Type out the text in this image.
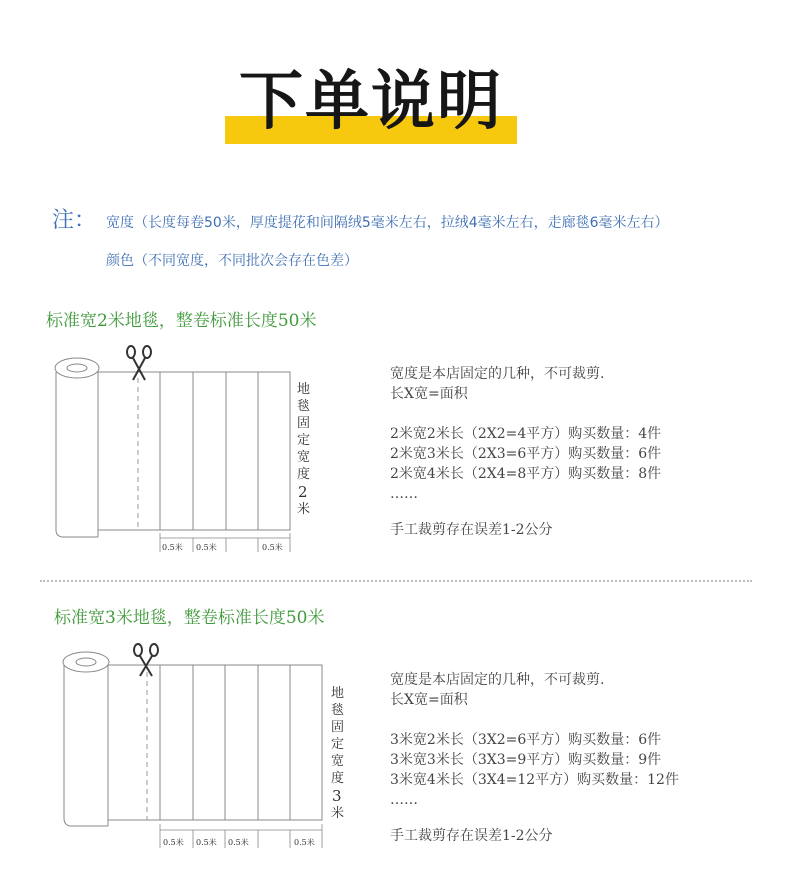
下单说明
注： 宽度（长度每卷50米，厚度提花和间隔绒5毫米左右，拉绒4毫米左右，走廊毯6毫米左右）
颜色（不同宽度，不同批次会存在色差）
标准宽2米地毯，整卷标准长度50米
0.5米 0.5米	0.5米
地
毯
固
定
宽
度
2
米
0.5米 0.5米 0.5米	0.5米
地
毯
固
定
宽
度
3
米
宽度是本店固定的几种，不可裁剪.
长X宽=面积
2米宽2米长（2X2=4平方）购买数量：4件
2米宽3米长（2X3=6平方）购买数量：6件
2米宽4米长（2X4=8平方）购买数量：8件
……
手工裁剪存在误差1-2公分
标准宽3米地毯，整卷标准长度50米
宽度是本店固定的几种，不可裁剪.
长X宽=面积
3米宽2米长（3X2=6平方）购买数量：6件
3米宽3米长（3X3=9平方）购买数量：9件
3米宽4米长（3X4=12平方）购买数量：12件
……
手工裁剪存在误差1-2公分
